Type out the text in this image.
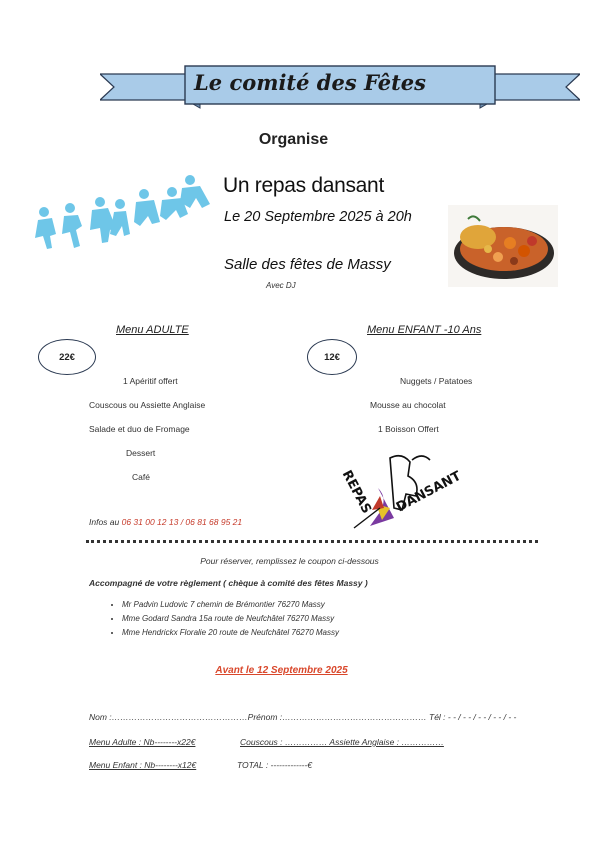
Le comité des Fêtes
Organise
Un repas dansant
Le 20 Septembre 2025 à 20h
Salle des fêtes de Massy
Avec DJ
Menu ADULTE
22€
1 Apéritif offert
Couscous ou Assiette Anglaise
Salade et duo de Fromage
Dessert
Café
Menu ENFANT -10 Ans
12€
Nuggets / Patatoes
Mousse au chocolat
1 Boisson Offert
REPAS DANSANT
Infos au 06 31 00 12 13 / 06 81 68 95 21
Pour réserver, remplissez le coupon ci-dessous
Accompagné de votre règlement ( chèque à comité des fêtes Massy )
• Mr Padvin Ludovic 7 chemin de Brémontier 76270 Massy
• Mme Godard Sandra 15a route de Neufchâtel 76270 Massy
• Mme Hendrickx Floralie 20 route de Neufchâtel 76270 Massy
Avant le 12 Septembre 2025
Nom :…………………………………………Prénom :…………………………………………… Tél : - - / - - / - - / - - / - -
Menu Adulte : Nb--------x22€	Couscous : …………… Assiette Anglaise : ……………
Menu Enfant : Nb--------x12€	TOTAL : -------------€
